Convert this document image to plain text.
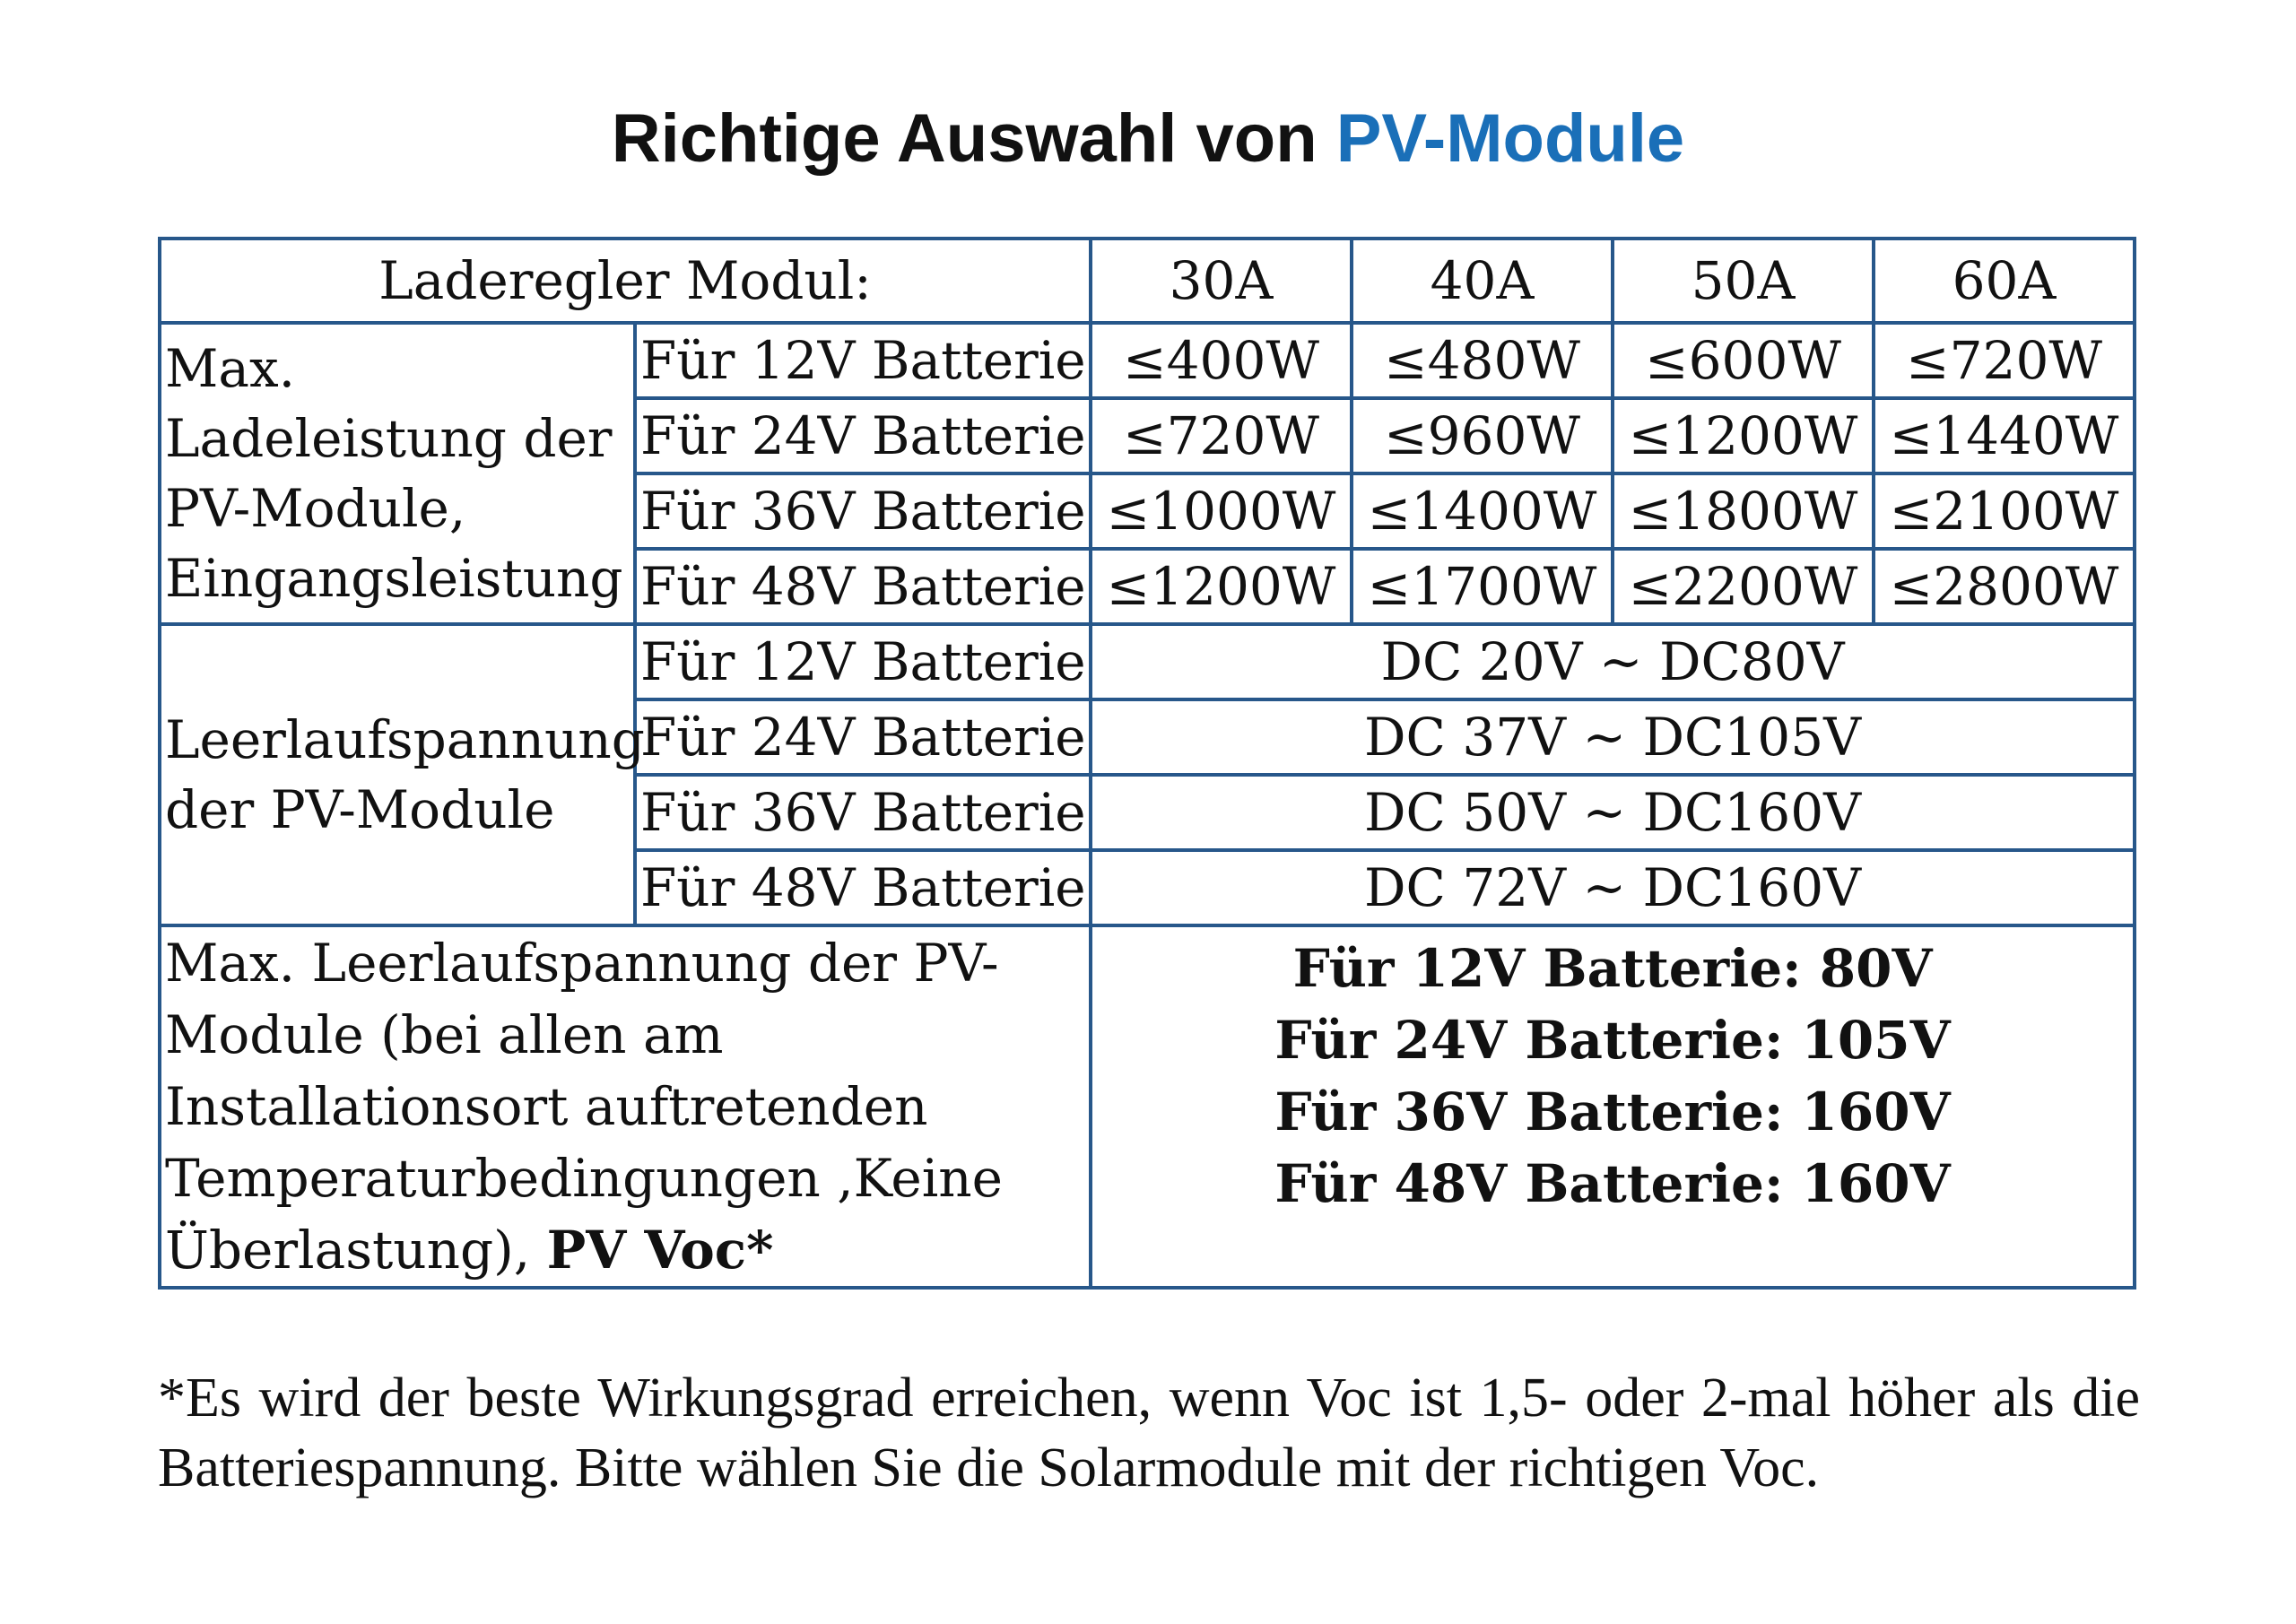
Richtige Auswahl von PV-Module
Laderegler Modul:		30A	40A	50A	60A
Max. Ladeleistung der PV-Module, Eingangsleistung	Für 12V Batterie	≤400W	≤480W	≤600W	≤720W
	Für 24V Batterie	≤720W	≤960W	≤1200W	≤1440W
	Für 36V Batterie	≤1000W	≤1400W	≤1800W	≤2100W
	Für 48V Batterie	≤1200W	≤1700W	≤2200W	≤2800W
Leerlaufspannung der PV-Module	Für 12V Batterie	DC 20V ~ DC80V			
	Für 24V Batterie	DC 37V ~ DC105V			
	Für 36V Batterie	DC 50V ~ DC160V			
	Für 48V Batterie	DC 72V ~ DC160V			
Max. Leerlaufspannung der PV-Module (bei allen am Installationsort auftretenden Temperaturbedingungen ,Keine Überlastung), PV Voc*		Für 12V Batterie: 80V
Für 24V Batterie: 105V
Für 36V Batterie: 160V
Für 48V Batterie: 160V			
*Es wird der beste Wirkungsgrad erreichen, wenn Voc ist 1,5- oder 2-mal höher als die Batteriespannung. Bitte wählen Sie die Solarmodule mit der richtigen Voc.
